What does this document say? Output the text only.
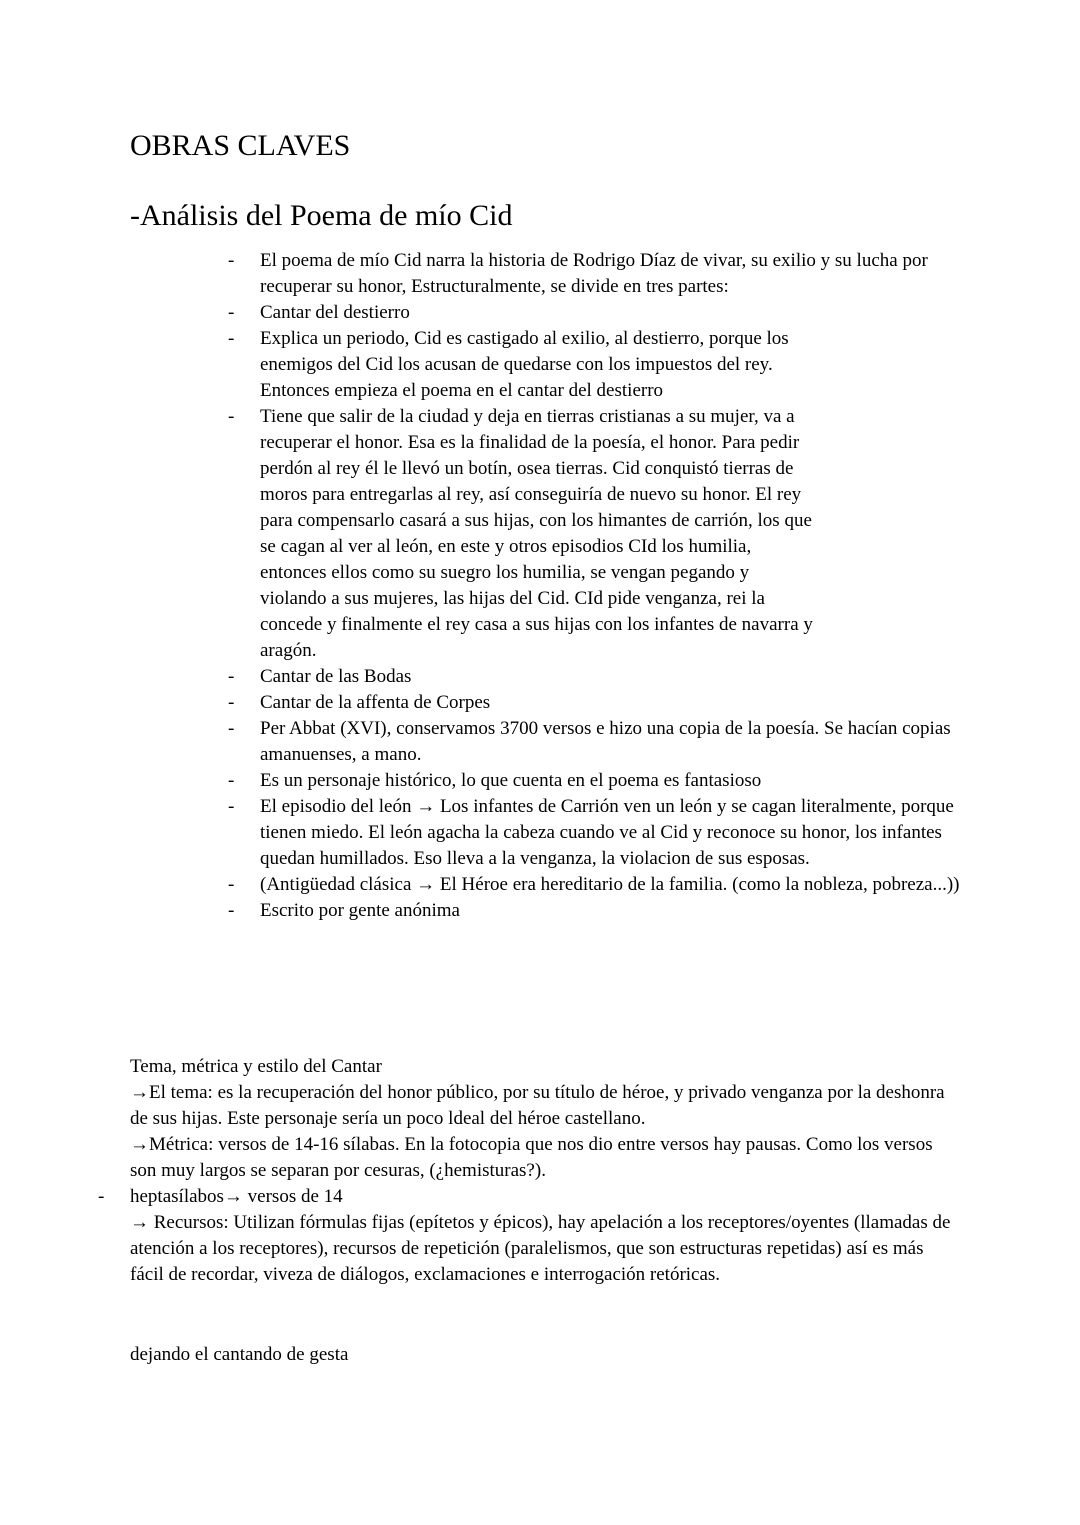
OBRAS CLAVES
-Análisis del Poema de mío Cid
- El poema de mío Cid narra la historia de Rodrigo Díaz de vivar, su exilio y su lucha por recuperar su honor, Estructuralmente, se divide en tres partes:
- Cantar del destierro
- Explica un periodo, Cid es castigado al exilio, al destierro, porque los enemigos del Cid los acusan de quedarse con los impuestos del rey. Entonces empieza el poema en el cantar del destierro
- Tiene que salir de la ciudad y deja en tierras cristianas a su mujer, va a recuperar el honor. Esa es la finalidad de la poesía, el honor. Para pedir perdón al rey él le llevó un botín, osea tierras. Cid conquistó tierras de moros para entregarlas al rey, así conseguiría de nuevo su honor. El rey para compensarlo casará a sus hijas, con los himantes de carrión, los que se cagan al ver al león, en este y otros episodios CId los humilia, entonces ellos como su suegro los humilia, se vengan pegando y violando a sus mujeres, las hijas del Cid. CId pide venganza, rei la concede y finalmente el rey casa a sus hijas con los infantes de navarra y aragón.
- Cantar de las Bodas
- Cantar de la affenta de Corpes
- Per Abbat (XVI), conservamos 3700 versos e hizo una copia de la poesía. Se hacían copias amanuenses, a mano.
- Es un personaje histórico, lo que cuenta en el poema es fantasioso
- El episodio del león → Los infantes de Carrión ven un león y se cagan literalmente, porque tienen miedo. El león agacha la cabeza cuando ve al Cid y reconoce su honor, los infantes quedan humillados. Eso lleva a la venganza, la violacion de sus esposas.
- (Antigüedad clásica → El Héroe era hereditario de la familia. (como la nobleza, pobreza...))
- Escrito por gente anónima

Tema, métrica y estilo del Cantar

→El tema: es la recuperación del honor público, por su título de héroe, y privado venganza por la deshonra de sus hijas. Este personaje sería un poco ldeal del héroe castellano.

→Métrica: versos de 14-16 sílabas. En la fotocopia que nos dio entre versos hay pausas. Como los versos son muy largos se separan por cesuras, (¿hemisturas?).

- heptasílabos→ versos de 14

→ Recursos: Utilizan fórmulas fijas (epítetos y épicos), hay apelación a los receptores/oyentes (llamadas de atención a los receptores), recursos de repetición (paralelismos, que son estructuras repetidas) así es más fácil de recordar, viveza de diálogos, exclamaciones e interrogación retóricas.

dejando el cantando de gesta
